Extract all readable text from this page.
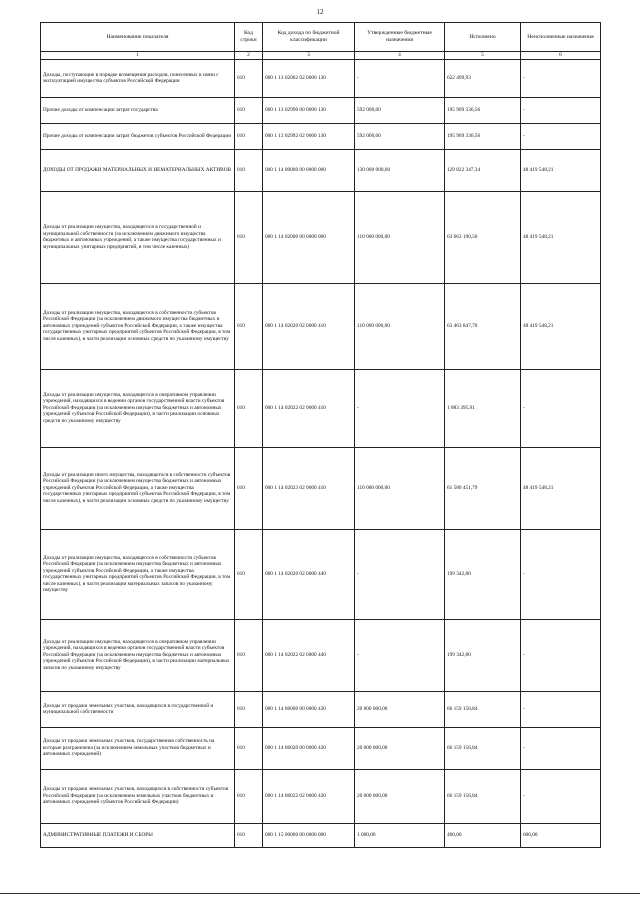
12
Наименование показателя	Код строки	Код дохода по бюджетной классификации	Утвержденные бюджетные назначения	Исполнено	Неисполненные назначения
1	2	3	4	5	6
Доходы, поступающие в порядке возмещения расходов, понесенных в связи с эксплуатацией имущества субъектов Российской Федерации	010	000 1 13 02062 02 0000 130	-	622 499,93	-
Прочие доходы от компенсации затрат государства	010	000 1 13 02990 00 0000 130	592 000,00	195 969 336,56	-
Прочие доходы от компенсации затрат бюджетов субъектов Российской Федерации	010	000 1 13 02992 02 0000 130	592 000,00	195 969 336,56	-
ДОХОДЫ ОТ ПРОДАЖИ МАТЕРИАЛЬНЫХ И НЕМАТЕРИАЛЬНЫХ АКТИВОВ	010	000 1 14 00000 00 0000 000	130 000 000,00	129 822 347,34	48 419 548,21
Доходы от реализации имущества, находящегося в государственной и муниципальной собственности (за исключением движимого имущества бюджетных и автономных учреждений, а также имущества государственных и муниципальных унитарных предприятий, в том числе казенных)	010	000 1 14 02000 00 0000 000	110 000 000,00	63 663 190,50	48 419 548,21
Доходы от реализации имущества, находящегося в собственности субъектов Российской Федерации (за исключением движимого имущества бюджетных и автономных учреждений субъектов Российской Федерации, а также имущества государственных унитарных предприятий субъектов Российской Федерации, в том числе казенных), в части реализации основных средств по указанному имуществу	010	000 1 14 02020 02 0000 410	110 000 000,00	63 463 847,70	48 419 548,21
Доходы от реализации имущества, находящегося в оперативном управлении учреждений, находящихся в ведении органов государственной власти субъектов Российской Федерации (за исключением имущества бюджетных и автономных учреждений субъектов Российской Федерации), в части реализации основных средств по указанному имуществу	010	000 1 14 02022 02 0000 410	-	1 883 395,91	-
Доходы от реализации иного имущества, находящегося в собственности субъектов Российской Федерации (за исключением имущества бюджетных и автономных учреждений субъектов Российской Федерации, а также имущества государственных унитарных предприятий субъектов Российской Федерации, в том числе казенных), в части реализации основных средств по указанному имуществу	010	000 1 14 02023 02 0000 410	110 000 000,00	61 580 451,79	48 419 548,21
Доходы от реализации имущества, находящегося в собственности субъектов Российской Федерации (за исключением имущества бюджетных и автономных учреждений субъектов Российской Федерации, а также имущества государственных унитарных предприятий субъектов Российской Федерации, в том числе казенных), в части реализации материальных запасов по указанному имуществу	010	000 1 14 02020 02 0000 440	-	199 342,80	-
Доходы от реализации имущества, находящегося в оперативном управлении учреждений, находящихся в ведении органов государственной власти субъектов Российской Федерации (за исключением имущества бюджетных и автономных учреждений субъектов Российской Федерации), в части реализации материальных запасов по указанному имуществу	010	000 1 14 02022 02 0000 440	-	199 342,80	-
Доходы от продажи земельных участков, находящихся в государственной и муниципальной собственности	010	000 1 14 06000 00 0000 430	20 000 000,00	66 159 156,84	-
Доходы от продажи земельных участков, государственная собственность на которые разграничена (за исключением земельных участков бюджетных и автономных учреждений)	010	000 1 14 06020 00 0000 430	20 000 000,00	66 159 156,84	-
Доходы от продажи земельных участков, находящихся в собственности субъектов Российской Федерации (за исключением земельных участков бюджетных и автономных учреждений субъектов Российской Федерации)	010	000 1 14 06022 02 0000 430	20 000 000,00	66 159 156,84	-
АДМИНИСТРАТИВНЫЕ ПЛАТЕЖИ И СБОРЫ	010	000 1 15 00000 00 0000 000	1 000,00	400,00	600,00
